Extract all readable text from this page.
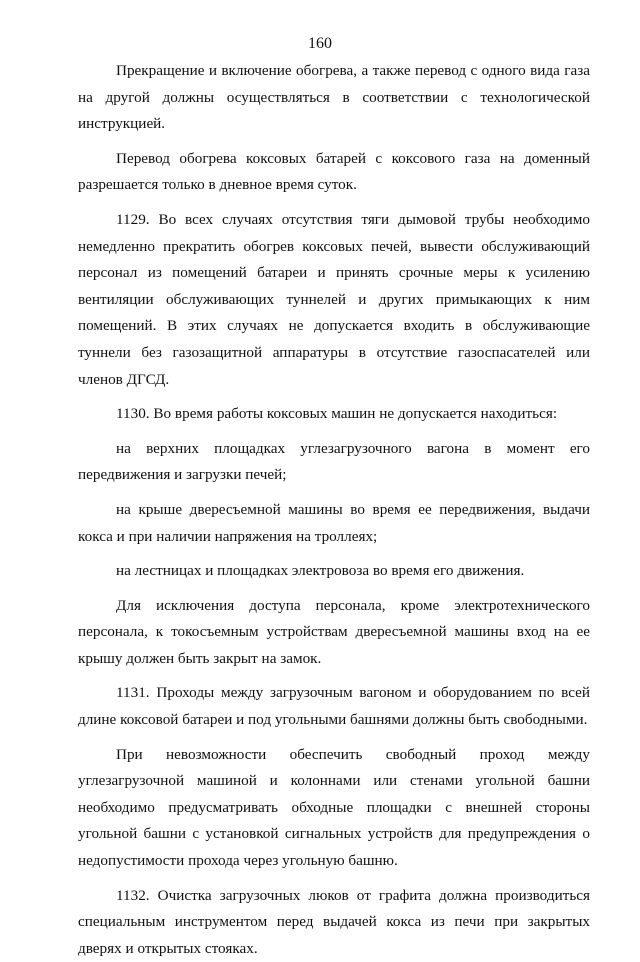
160

Прекращение и включение обогрева, а также перевод с одного вида газа на другой должны осуществляться в соответствии с технологической инструкцией.

Перевод обогрева коксовых батарей с коксового газа на доменный разрешается только в дневное время суток.

1129. Во всех случаях отсутствия тяги дымовой трубы необходимо немедленно прекратить обогрев коксовых печей, вывести обслуживающий персонал из помещений батареи и принять срочные меры к усилению вентиляции обслуживающих туннелей и других примыкающих к ним помещений. В этих случаях не допускается входить в обслуживающие туннели без газозащитной аппаратуры в отсутствие газоспасателей или членов ДГСД.

1130. Во время работы коксовых машин не допускается находиться:

на верхних площадках углезагрузочного вагона в момент его передвижения и загрузки печей;

на крыше двересъемной машины во время ее передвижения, выдачи кокса и при наличии напряжения на троллеях;

на лестницах и площадках электровоза во время его движения.

Для исключения доступа персонала, кроме электротехнического персонала, к токосъемным устройствам двересъемной машины вход на ее крышу должен быть закрыт на замок.

1131. Проходы между загрузочным вагоном и оборудованием по всей длине коксовой батареи и под угольными башнями должны быть свободными.

При невозможности обеспечить свободный проход между углезагрузочной машиной и колоннами или стенами угольной башни необходимо предусматривать обходные площадки с внешней стороны угольной башни с установкой сигнальных устройств для предупреждения о недопустимости прохода через угольную башню.

1132. Очистка загрузочных люков от графита должна производиться специальным инструментом перед выдачей кокса из печи при закрытых дверях и открытых стояках.
